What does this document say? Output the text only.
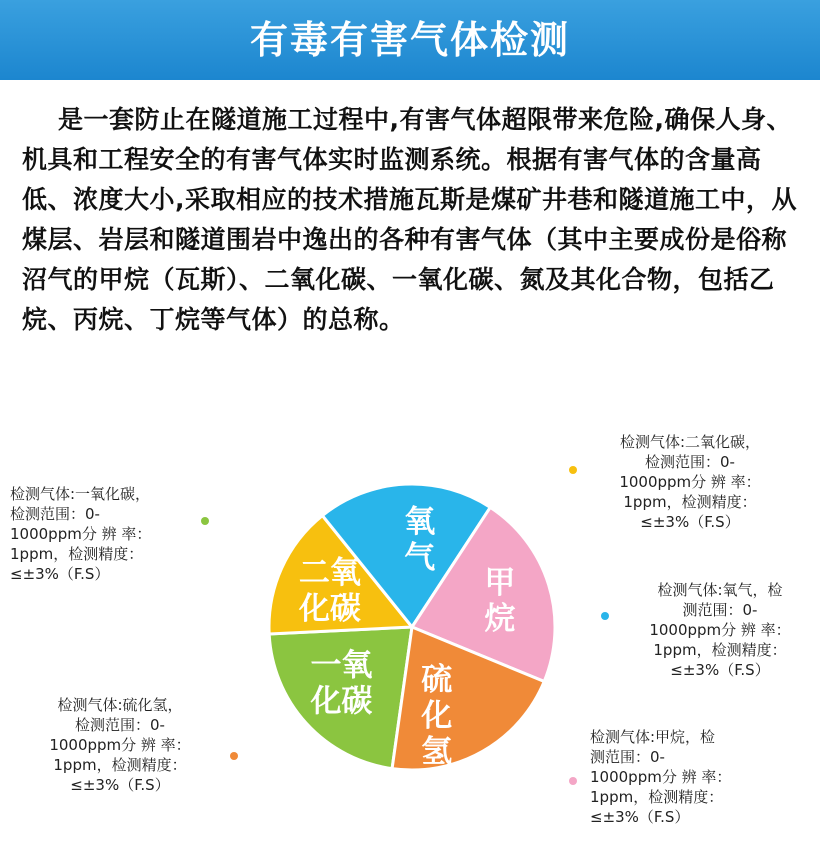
有毒有害气体检测

是一套防止在隧道施工过程中,有害气体超限带来危险,确保人身、机具和工程安全的有害气体实时监测系统。根据有害气体的含量高低、浓度大小,采取相应的技术措施瓦斯是煤矿井巷和隧道施工中，从煤层、岩层和隧道围岩中逸出的各种有害气体（其中主要成份是俗称沼气的甲烷（瓦斯）、二氧化碳、一氧化碳、氮及其化合物，包括乙烷、丙烷、丁烷等气体）的总称。

一氧
化碳
二氧
化碳
氧
气
甲
烷
硫
化
氢
检测气体:一氧化碳，
检测范围：0-
1000ppm分 辨 率：
1ppm，检测精度：
≤±3%（F.S）
检测气体:二氧化碳，
检测范围：0-
1000ppm分 辨 率：
1ppm，检测精度：
≤±3%（F.S）
检测气体:氧气，检
测范围：0-
1000ppm分 辨 率：
1ppm，检测精度：
≤±3%（F.S）
检测气体:甲烷，检
测范围：0-
1000ppm分 辨 率：
1ppm，检测精度：
≤±3%（F.S）
检测气体:硫化氢，
检测范围：0-
1000ppm分 辨 率：
1ppm，检测精度：
≤±3%（F.S）
